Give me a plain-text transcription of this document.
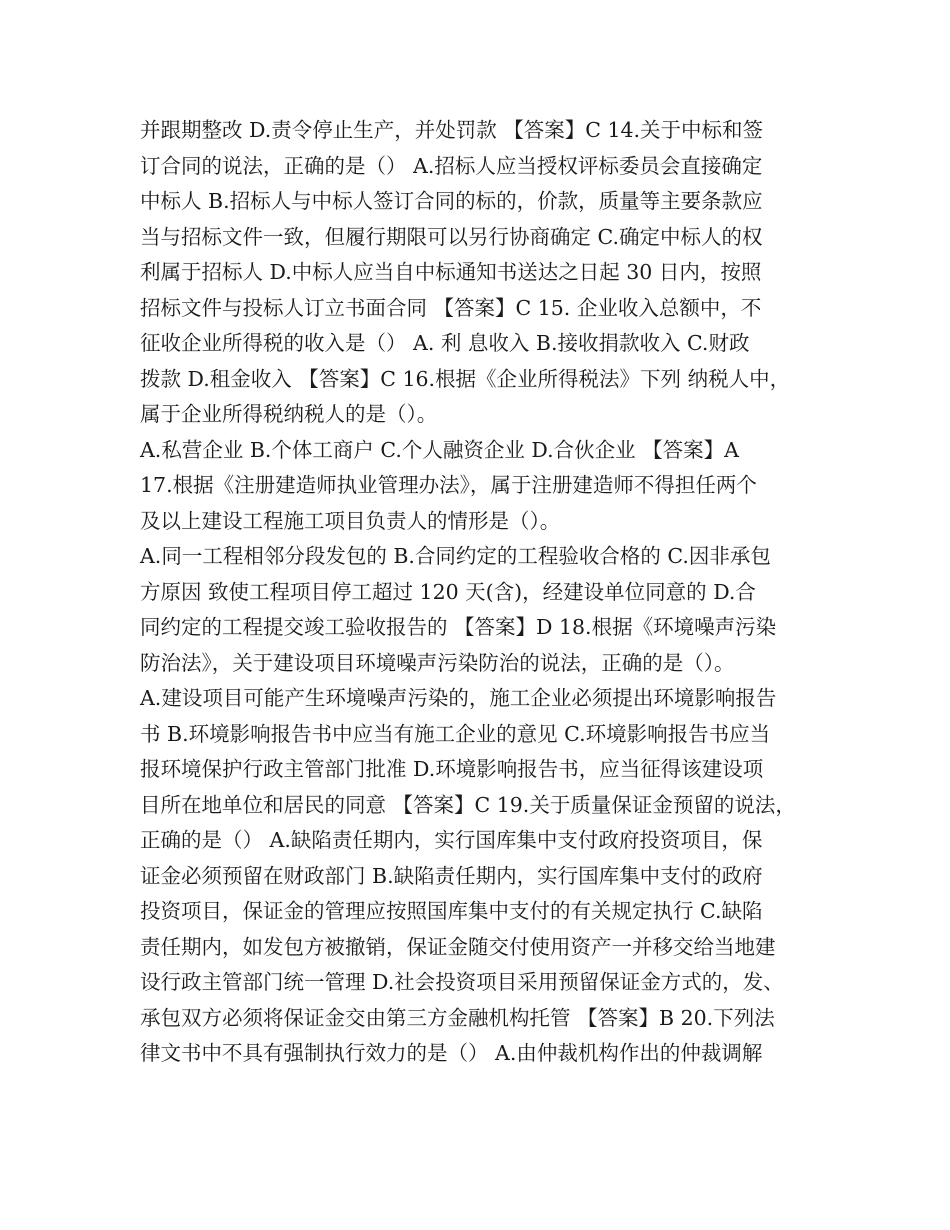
并跟期整改 D.责令停止生产，并处罚款 【答案】C 14.关于中标和签
订合同的说法，正确的是（） A.招标人应当授权评标委员会直接确定
中标人 B.招标人与中标人签订合同的标的，价款，质量等主要条款应
当与招标文件一致，但履行期限可以另行协商确定 C.确定中标人的权
利属于招标人 D.中标人应当自中标通知书送达之日起 30 日内，按照
招标文件与投标人订立书面合同 【答案】C 15. 企业收入总额中，不
征收企业所得税的收入是（） A. 利 息收入 B.接收捐款收入 C.财政
拨款 D.租金收入 【答案】C 16.根据《企业所得税法》下列 纳税人中，
属于企业所得税纳税人的是（）。
A.私营企业 B.个体工商户 C.个人融资企业 D.合伙企业 【答案】A
17.根据《注册建造师执业管理办法》，属于注册建造师不得担任两个
及以上建设工程施工项目负责人的情形是（）。
A.同一工程相邻分段发包的 B.合同约定的工程验收合格的 C.因非承包
方原因 致使工程项目停工超过 120 天(含)，经建设单位同意的 D.合
同约定的工程提交竣工验收报告的 【答案】D 18.根据《环境噪声污染
防治法》，关于建设项目环境噪声污染防治的说法，正确的是（）。
A.建设项目可能产生环境噪声污染的，施工企业必须提出环境影响报告
书 B.环境影响报告书中应当有施工企业的意见 C.环境影响报告书应当
报环境保护行政主管部门批准 D.环境影响报告书，应当征得该建设项
目所在地单位和居民的同意 【答案】C 19.关于质量保证金预留的说法，
正确的是（） A.缺陷责任期内，实行国库集中支付政府投资项目，保
证金必须预留在财政部门 B.缺陷责任期内，实行国库集中支付的政府
投资项目，保证金的管理应按照国库集中支付的有关规定执行 C.缺陷
责任期内，如发包方被撤销，保证金随交付使用资产一并移交给当地建
设行政主管部门统一管理 D.社会投资项目采用预留保证金方式的，发、
承包双方必须将保证金交由第三方金融机构托管 【答案】B 20.下列法
律文书中不具有强制执行效力的是（） A.由仲裁机构作出的仲裁调解
